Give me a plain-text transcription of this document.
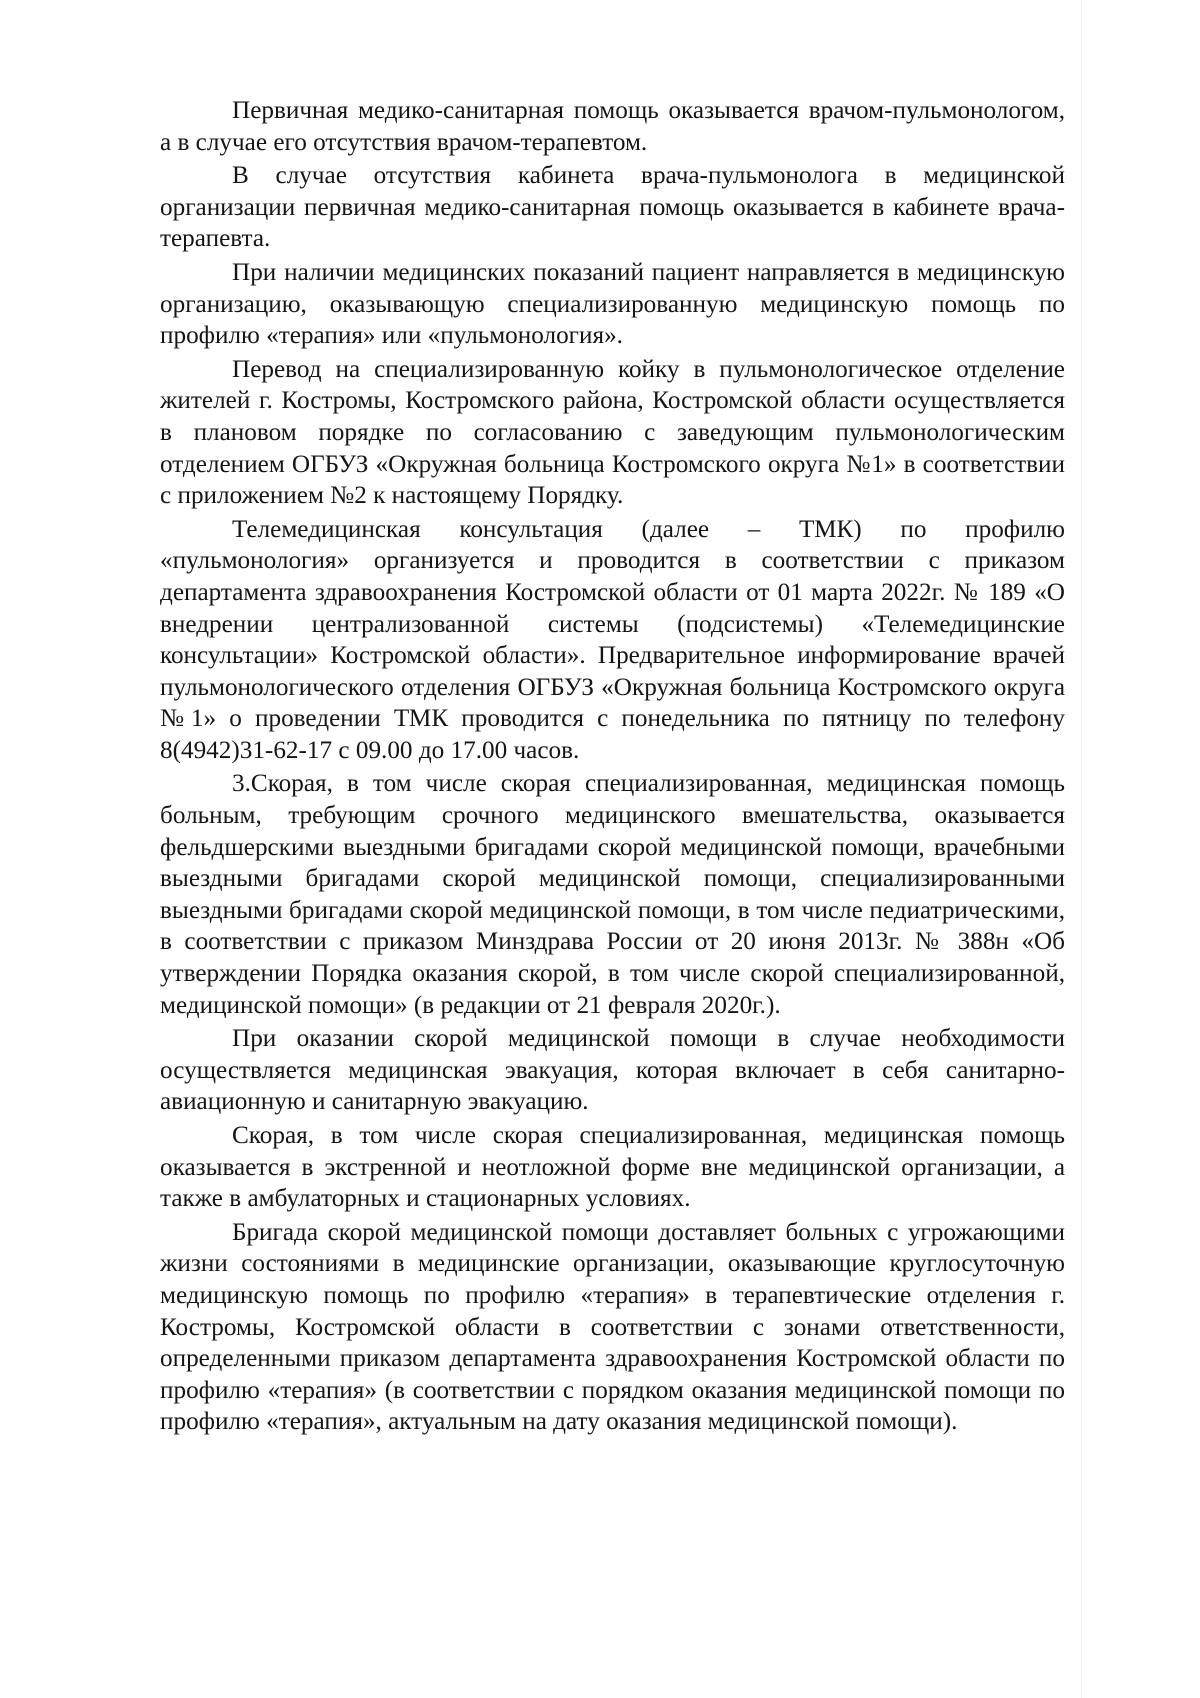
Первичная медико-санитарная помощь оказывается врачом-пульмонологом, а в случае его отсутствия врачом-терапевтом.

В случае отсутствия кабинета врача-пульмонолога в медицинской организации первичная медико-санитарная помощь оказывается в кабинете врача-терапевта.

При наличии медицинских показаний пациент направляется в медицинскую организацию, оказывающую специализированную медицинскую помощь по профилю «терапия» или «пульмонология».

Перевод на специализированную койку в пульмонологическое отделение жителей г. Костромы, Костромского района, Костромской области осуществляется в плановом порядке по согласованию с заведующим пульмонологическим отделением ОГБУЗ «Окружная больница Костромского округа №1» в соответствии с приложением №2 к настоящему Порядку.

Телемедицинская консультация (далее – ТМК) по профилю «пульмонология» организуется и проводится в соответствии с приказом департамента здравоохранения Костромской области от 01 марта 2022г. № 189 «О внедрении централизованной системы (подсистемы) «Телемедицинские консультации» Костромской области». Предварительное информирование врачей пульмонологического отделения ОГБУЗ «Окружная больница Костромского округа №1» о проведении ТМК проводится с понедельника по пятницу по телефону 8(4942)31-62-17 с 09.00 до 17.00 часов.

3.Скорая, в том числе скорая специализированная, медицинская помощь больным, требующим срочного медицинского вмешательства, оказывается фельдшерскими выездными бригадами скорой медицинской помощи, врачебными выездными бригадами скорой медицинской помощи, специализированными выездными бригадами скорой медицинской помощи, в том числе педиатрическими, в соответствии с приказом Минздрава России от 20 июня 2013г. № 388н «Об утверждении Порядка оказания скорой, в том числе скорой специализированной, медицинской помощи» (в редакции от 21 февраля 2020г.).

При оказании скорой медицинской помощи в случае необходимости осуществляется медицинская эвакуация, которая включает в себя санитарно-авиационную и санитарную эвакуацию.

Скорая, в том числе скорая специализированная, медицинская помощь оказывается в экстренной и неотложной форме вне медицинской организации, а также в амбулаторных и стационарных условиях.

Бригада скорой медицинской помощи доставляет больных с угрожающими жизни состояниями в медицинские организации, оказывающие круглосуточную медицинскую помощь по профилю «терапия» в терапевтические отделения г. Костромы, Костромской области в соответствии с зонами ответственности, определенными приказом департамента здравоохранения Костромской области по профилю «терапия» (в соответствии с порядком оказания медицинской помощи по профилю «терапия», актуальным на дату оказания медицинской помощи).
